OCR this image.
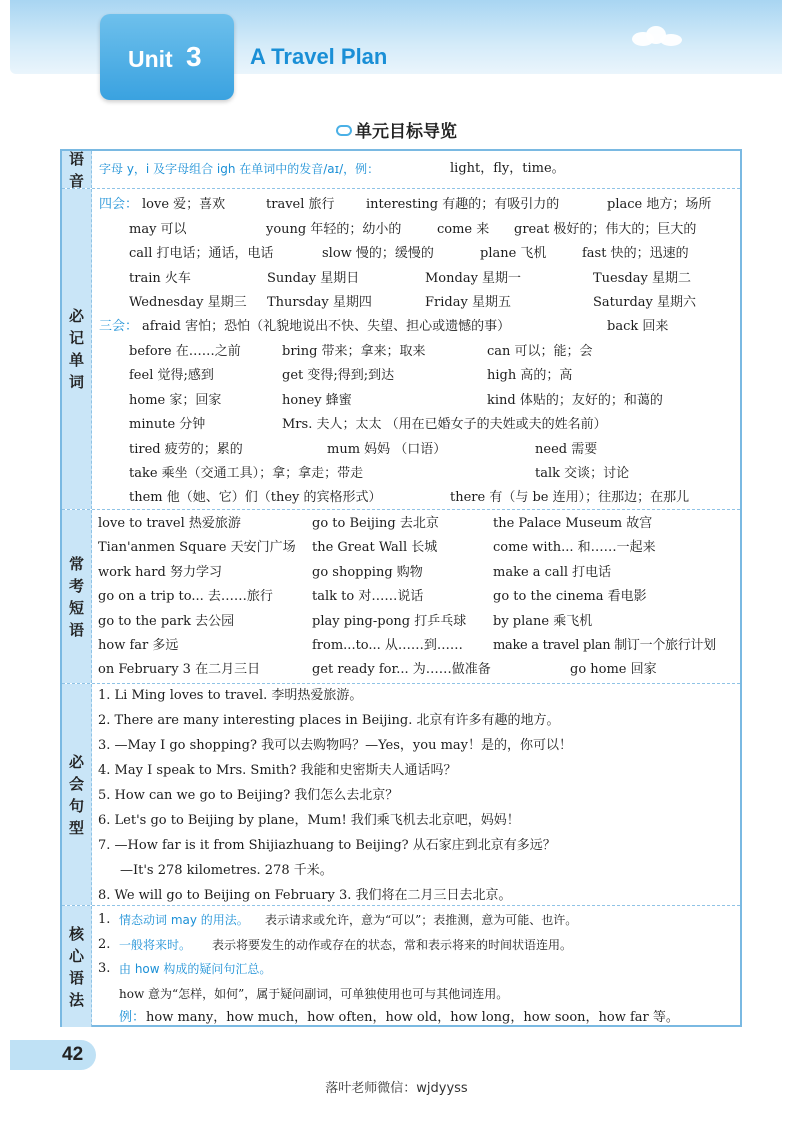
Unit 3 A Travel Plan
单元目标导览
语音
字母 y，i 及字母组合 igh 在单词中的发音/aɪ/，例：	light，fly，time。
必
记
单
词
四会： love 爱；喜欢	travel 旅行 interesting 有趣的；有吸引力的	place 地方；场所
may 可以	young 年轻的；幼小的	come 来 great 极好的；伟大的；巨大的
call 打电话；通话，电话	slow 慢的；缓慢的	plane 飞机	fast 快的；迅速的
train 火车	Sunday 星期日	Monday 星期一	Tuesday 星期二
Wednesday 星期三 Thursday 星期四	Friday 星期五	Saturday 星期六
三会： afraid 害怕；恐怕（礼貌地说出不快、失望、担心或遗憾的事）	back 回来
before 在……之前	bring 带来；拿来；取来	can 可以；能；会
feel 觉得;感到	get 变得;得到;到达	high 高的；高
home 家；回家	honey 蜂蜜	kind 体贴的；友好的；和蔼的
minute 分钟	Mrs. 夫人；太太 （用在已婚女子的夫姓或夫的姓名前）
tired 疲劳的；累的	mum 妈妈 （口语）	need 需要
take 乘坐（交通工具）；拿；拿走；带走	talk 交谈；讨论
them 他（她、它）们（they 的宾格形式）	there 有（与 be 连用）；往那边；在那儿
常
考
短
语
love to travel 热爱旅游	go to Beijing 去北京	the Palace Museum 故宫
Tian'anmen Square 天安门广场 the Great Wall 长城	come with... 和……一起来
work hard 努力学习	go shopping 购物	make a call 打电话
go on a trip to... 去……旅行	talk to 对……说话	go to the cinema 看电影
go to the park 去公园	play ping-pong 打乒乓球 by plane 乘飞机
how far 多远	from...to... 从……到…… make a travel plan 制订一个旅行计划
on February 3 在二月三日	get ready for... 为……做准备	go home 回家
必
会
句
型
1. Li Ming loves to travel. 李明热爱旅游。
2. There are many interesting places in Beijing. 北京有许多有趣的地方。
3. —May I go shopping? 我可以去购物吗？—Yes，you may！是的，你可以！
4. May I speak to Mrs. Smith? 我能和史密斯夫人通话吗？
5. How can we go to Beijing? 我们怎么去北京？
6. Let's go to Beijing by plane，Mum! 我们乘飞机去北京吧，妈妈！
7. —How far is it from Shijiazhuang to Beijing? 从石家庄到北京有多远？
—It's 278 kilometres. 278 千米。
8. We will go to Beijing on February 3. 我们将在二月三日去北京。
核
心
语
法
1. 情态动词 may 的用法。 表示请求或允许，意为“可以”；表推测，意为可能、也许。
2. 一般将来时。 表示将要发生的动作或存在的状态，常和表示将来的时间状语连用。
3. 由 how 构成的疑问句汇总。
how 意为“怎样，如何”，属于疑问副词，可单独使用也可与其他词连用。
例： how many，how much，how often，how old，how long，how soon，how far 等。
42
落叶老师微信：wjdyyss
